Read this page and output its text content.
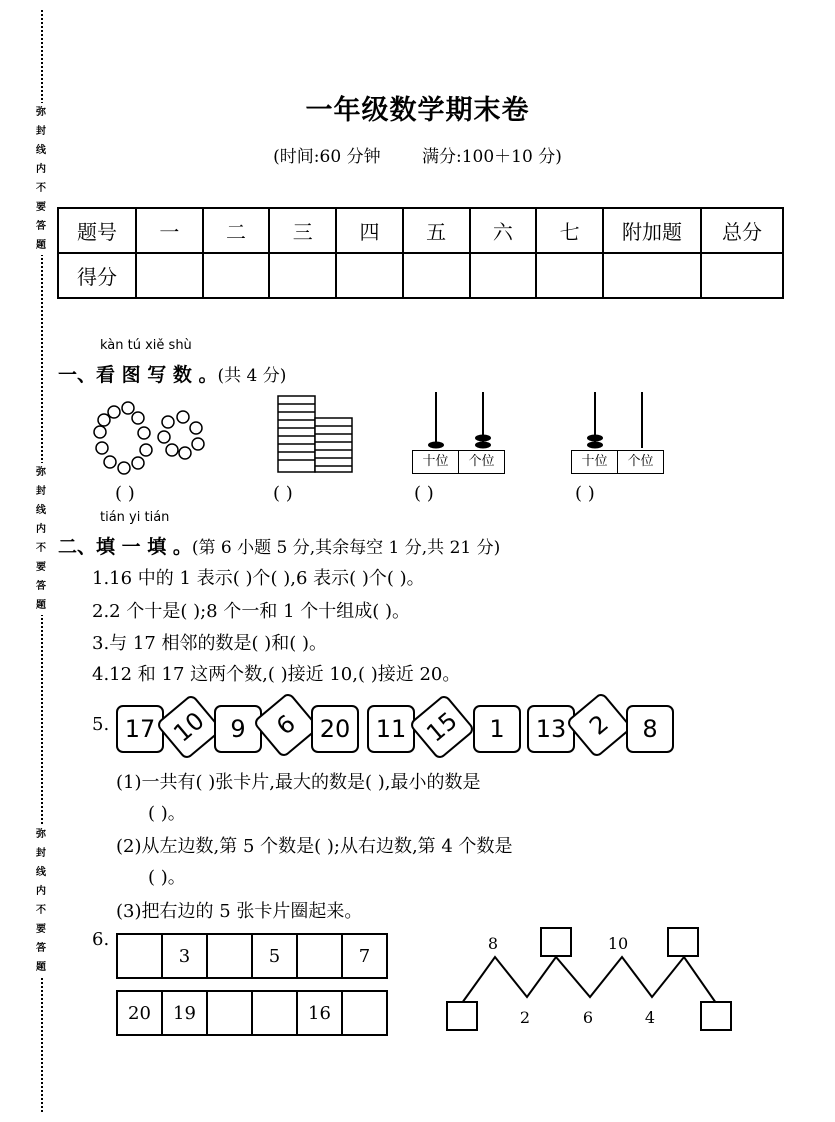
弥
封
线
内
不
要
答
题
弥
封
线
内
不
要
答
题
弥
封
线
内
不
要
答
题
一年级数学期末卷
(时间:60 分钟 满分:100＋10 分)
题号	一	二	三	四	五	六	七	附加题	总分
得分									
kàn tú xiě shù
一、看 图 写 数 。(共 4 分)
十位	个位	十位	个位
( )	( )	( )	( )
tián yi tián
二、填 一 填 。(第 6 小题 5 分,其余每空 1 分,共 21 分)
1.16 中的 1 表示( )个( ),6 表示( )个( )。
2.2 个十是( );8 个一和 1 个十组成( )。
3.与 17 相邻的数是( )和( )。
4.12 和 17 这两个数,( )接近 10,( )接近 20。
5. 17 10 9	6 20	11 15	1	13 2	8
(1)一共有( )张卡片,最大的数是( ),最小的数是
( )。
(2)从左边数,第 5 个数是( );从右边数,第 4 个数是
( )。
(3)把右边的 5 张卡片圈起来。
6.
	3		5		7
20	19			16	
8	10
2	6	4
